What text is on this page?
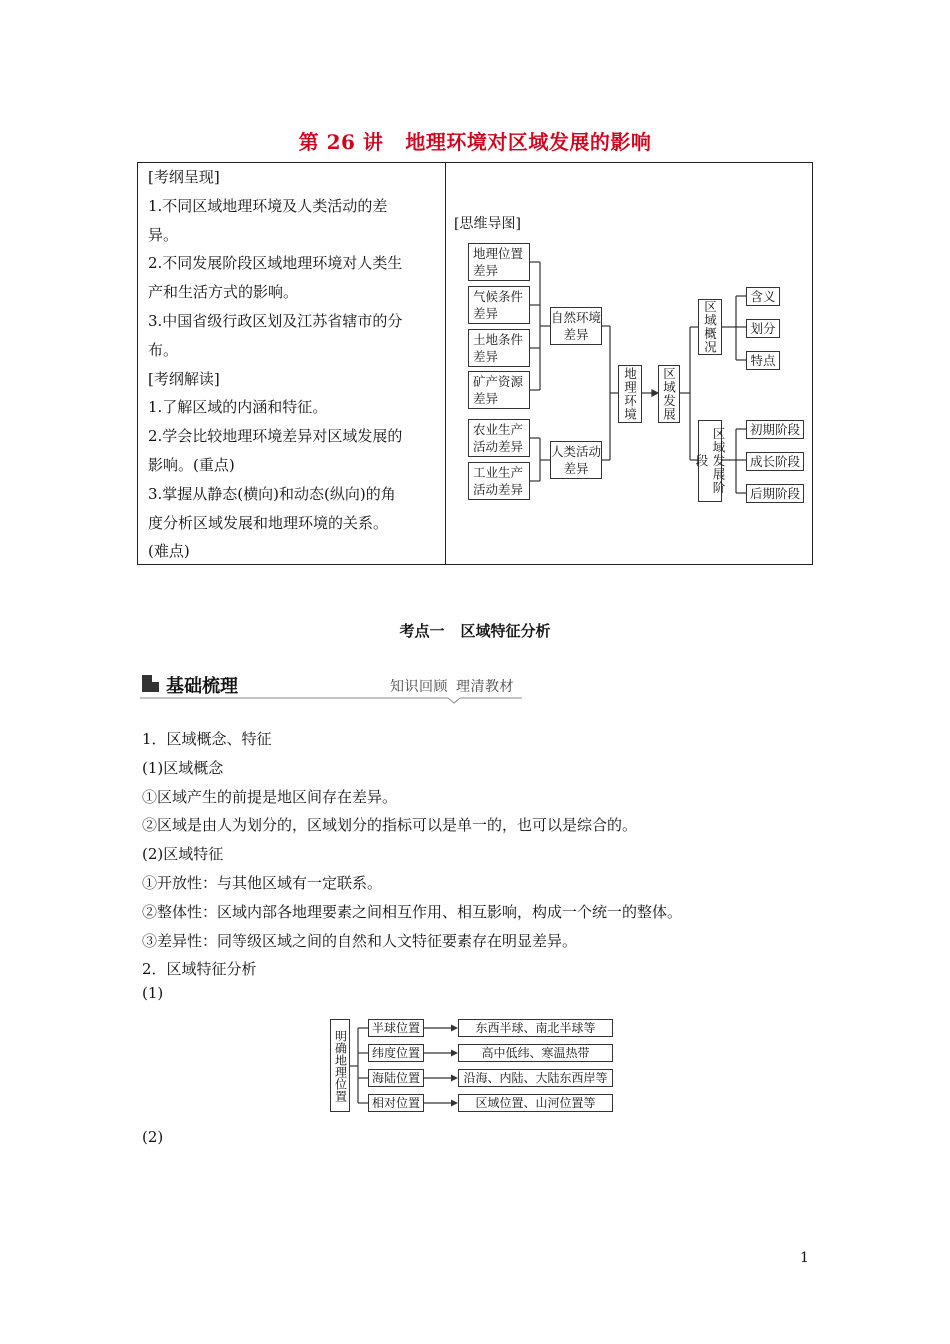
第 26 讲 地理环境对区域发展的影响

[考纲呈现]

1.不同区域地理环境及人类活动的差

异。

2.不同发展阶段区域地理环境对人类生

产和生活方式的影响。

3.中国省级行政区划及江苏省辖市的分

布。

[考纲解读]

1.了解区域的内涵和特征。

2.学会比较地理环境差异对区域发展的

影响。(重点)

3.掌握从静态(横向)和动态(纵向)的角

度分析区域发展和地理环境的关系。

(难点)

[思维导图]
地理位置差异
气候条件差异
土地条件差异
矿产资源差异
农业生产活动差异
工业生产活动差异
自然环境差异
人类活动差异
地理环境	区域发展
区域概况
区域发展阶段
含义
划分
特点
初期阶段
成长阶段
后期阶段
考点一 区域特征分析
基础梳理	知识回顾 理清教材

1．区域概念、特征

(1)区域概念

①区域产生的前提是地区间存在差异。

②区域是由人为划分的，区域划分的指标可以是单一的，也可以是综合的。

(2)区域特征

①开放性：与其他区域有一定联系。

②整体性：区域内部各地理要素之间相互作用、相互影响，构成一个统一的整体。

③差异性：同等级区域之间的自然和人文特征要素存在明显差异。

2．区域特征分析

(1)
明确地理位置
半球位置
纬度位置
海陆位置
相对位置
东西半球、南北半球等
高中低纬、寒温热带
沿海、内陆、大陆东西岸等
区域位置、山河位置等
(2)
1
